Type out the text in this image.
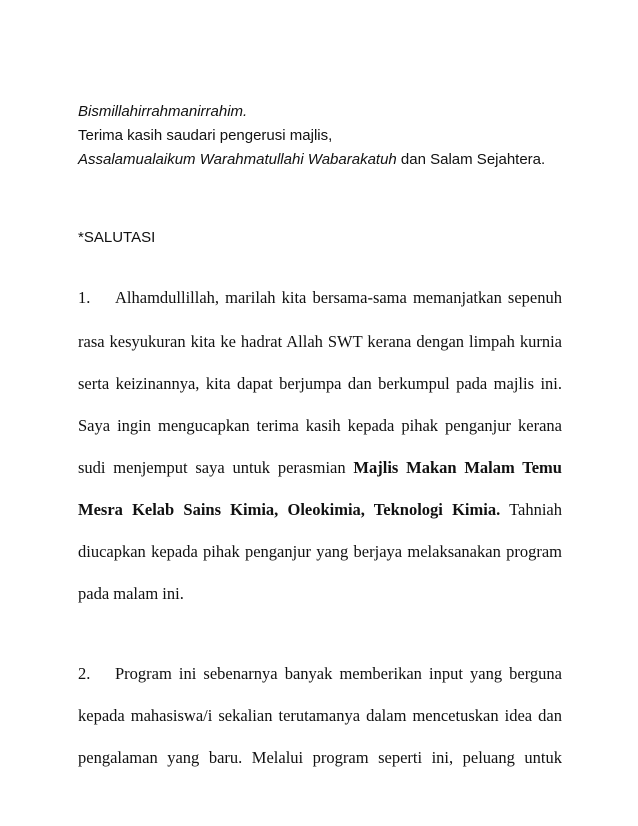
Bismillahirrahmanirrahim.

Terima kasih saudari pengerusi majlis,

Assalamualaikum Warahmatullahi Wabarakatuh dan Salam Sejahtera.

*SALUTASI

1. Alhamdullillah, marilah kita bersama-sama memanjatkan sepenuh

rasa kesyukuran kita ke hadrat Allah SWT kerana dengan limpah kurnia

serta keizinannya, kita dapat berjumpa dan berkumpul pada majlis ini.

Saya ingin mengucapkan terima kasih kepada pihak penganjur kerana

sudi menjemput saya untuk perasmian Majlis Makan Malam Temu

Mesra Kelab Sains Kimia, Oleokimia, Teknologi Kimia. Tahniah

diucapkan kepada pihak penganjur yang berjaya melaksanakan program

pada malam ini.

2. Program ini sebenarnya banyak memberikan input yang berguna

kepada mahasiswa/i sekalian terutamanya dalam mencetuskan idea dan

pengalaman yang baru. Melalui program seperti ini, peluang untuk
